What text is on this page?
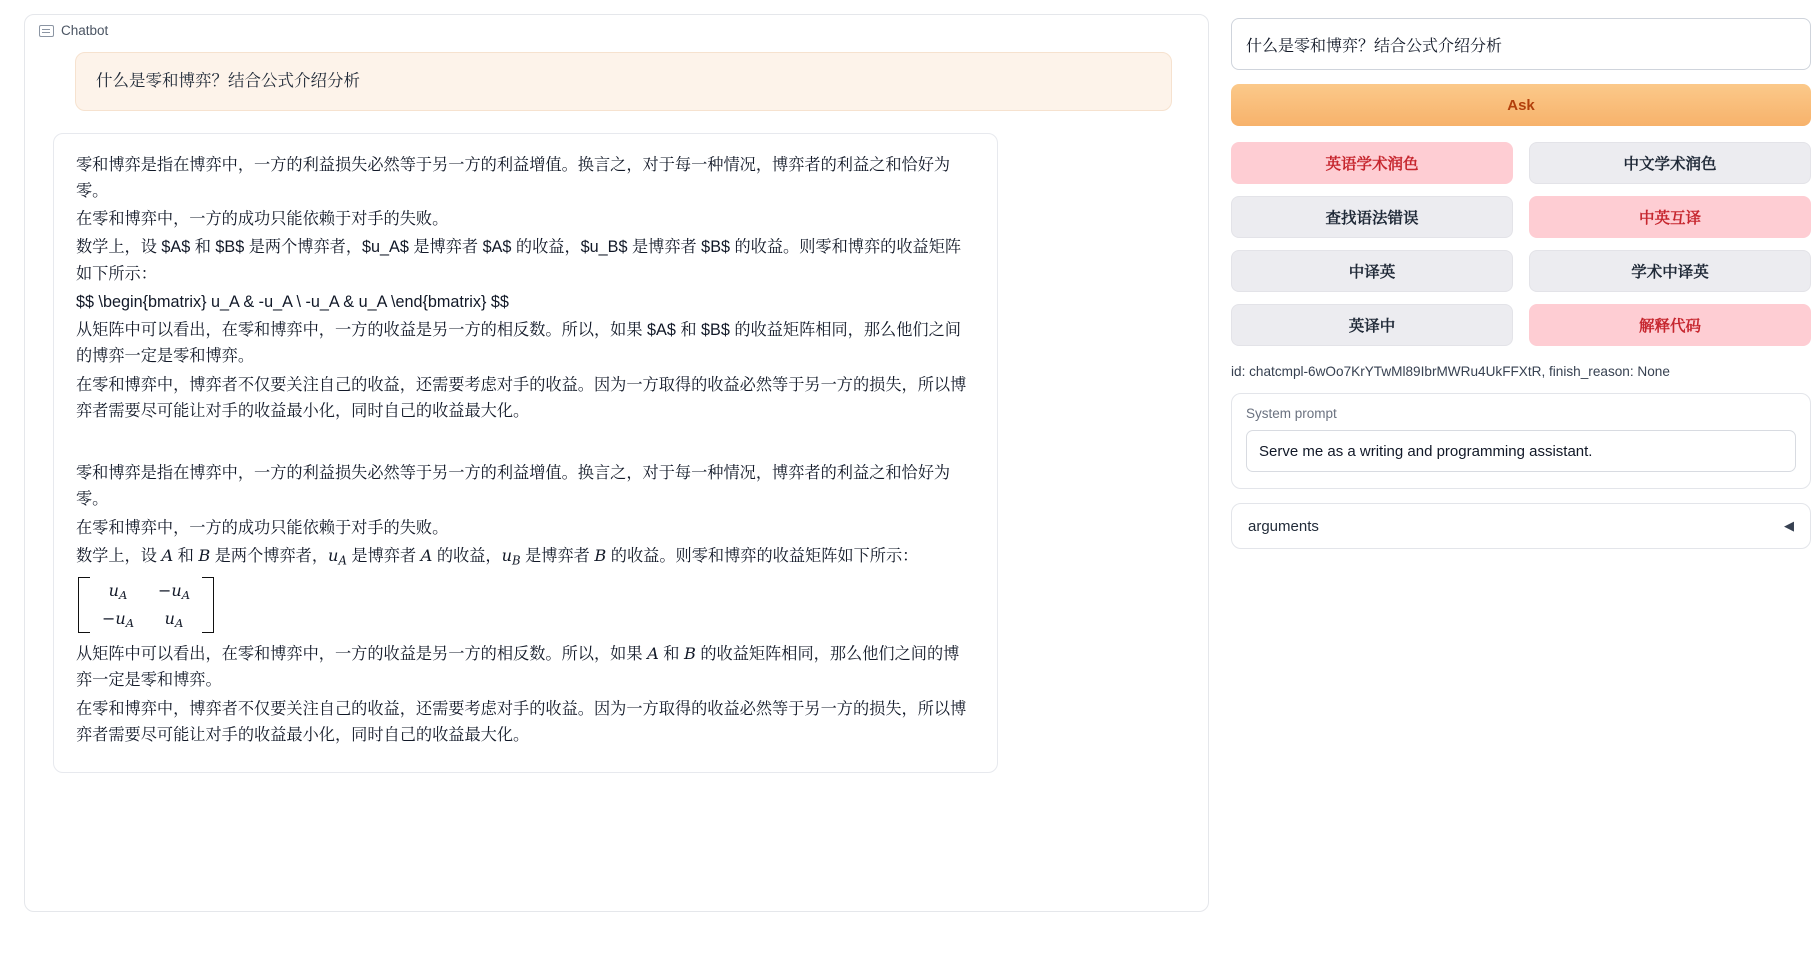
Chatbot
什么是零和博弈？结合公式介绍分析

零和博弈是指在博弈中，一方的利益损失必然等于另一方的利益增值。换言之，对于每一种情况，博弈者的利益之和恰好为零。

在零和博弈中，一方的成功只能依赖于对手的失败。

数学上，设 $A$ 和 $B$ 是两个博弈者，$u_A$ 是博弈者 $A$ 的收益，$u_B$ 是博弈者 $B$ 的收益。则零和博弈的收益矩阵如下所示：

$$ \begin{bmatrix} u_A & -u_A \ -u_A & u_A \end{bmatrix} $$

从矩阵中可以看出，在零和博弈中，一方的收益是另一方的相反数。所以，如果 $A$ 和 $B$ 的收益矩阵相同，那么他们之间的博弈一定是零和博弈。

在零和博弈中，博弈者不仅要关注自己的收益，还需要考虑对手的收益。因为一方取得的收益必然等于另一方的损失，所以博弈者需要尽可能让对手的收益最小化，同时自己的收益最大化。

零和博弈是指在博弈中，一方的利益损失必然等于另一方的利益增值。换言之，对于每一种情况，博弈者的利益之和恰好为零。

在零和博弈中，一方的成功只能依赖于对手的失败。

数学上，设 A 和 B 是两个博弈者，$u_A$ 是博弈者 A 的收益，$u_B$ 是博弈者 B 的收益。则零和博弈的收益矩阵如下所示：

$u_A -u_A$
$-u_A$ $u_A$

从矩阵中可以看出，在零和博弈中，一方的收益是另一方的相反数。所以，如果 A 和 B 的收益矩阵相同，那么他们之间的博弈一定是零和博弈。

在零和博弈中，博弈者不仅要关注自己的收益，还需要考虑对手的收益。因为一方取得的收益必然等于另一方的损失，所以博弈者需要尽可能让对手的收益最小化，同时自己的收益最大化。

什么是零和博弈？结合公式介绍分析
Ask
英语学术润色	中文学术润色
查找语法错误	中英互译
中译英	学术中译英
英译中	解释代码
id: chatcmpl-6wOo7KrYTwMl89IbrMWRu4UkFFXtR, finish_reason: None
System prompt
Serve me as a writing and programming assistant.
arguments	◀
